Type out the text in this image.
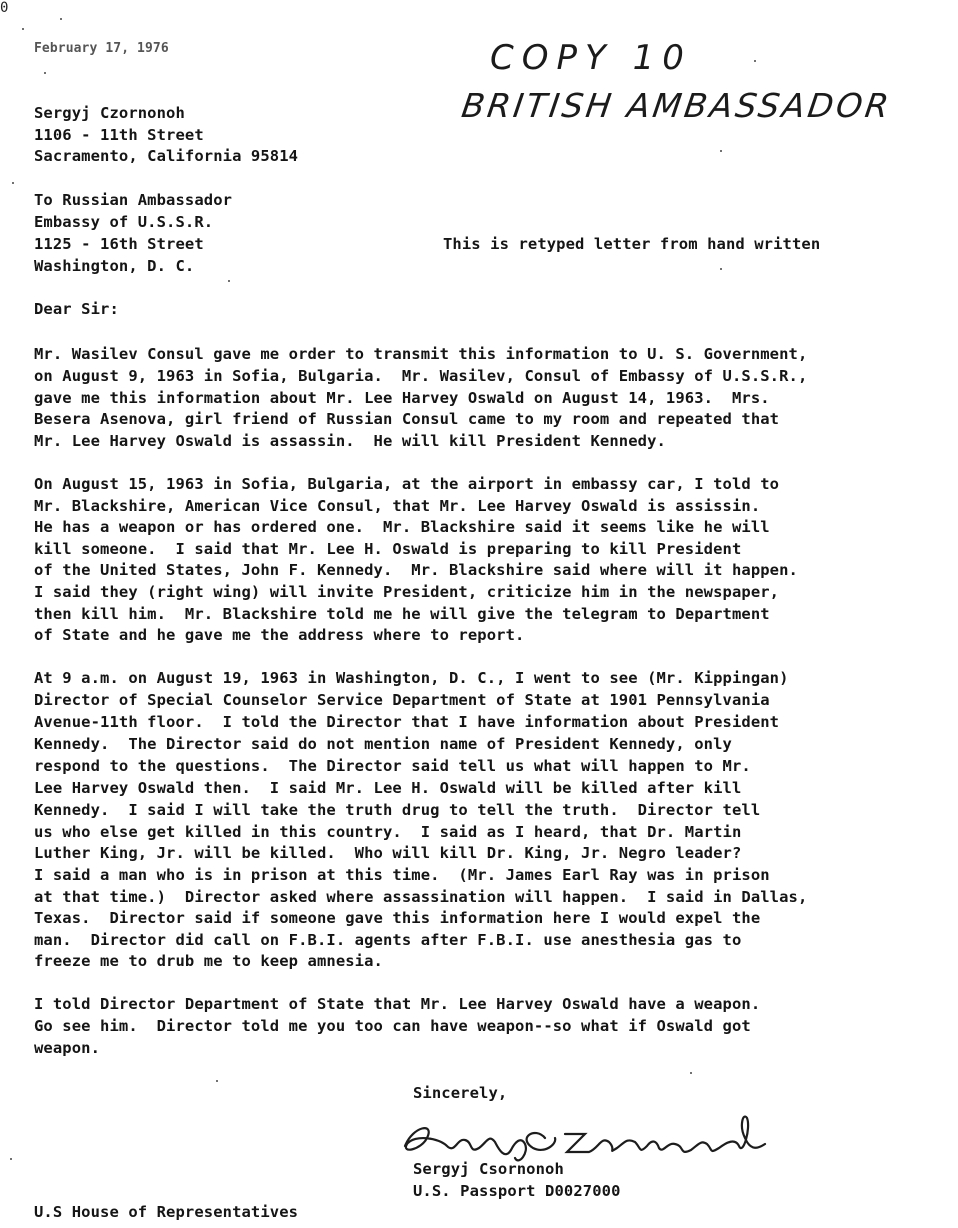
0
February 17, 1976	COPY 10
BRITISH AMBASSADOR
Sergyj Czornonoh
1106 - 11th Street
Sacramento, California 95814
To Russian Ambassador
Embassy of U.S.S.R.
1125 - 16th Street
Washington, D. C.
This is retyped letter from hand written
Dear Sir:
Mr. Wasilev Consul gave me order to transmit this information to U. S. Government,
on August 9, 1963 in Sofia, Bulgaria.  Mr. Wasilev, Consul of Embassy of U.S.S.R.,
gave me this information about Mr. Lee Harvey Oswald on August 14, 1963.  Mrs.
Besera Asenova, girl friend of Russian Consul came to my room and repeated that
Mr. Lee Harvey Oswald is assassin.  He will kill President Kennedy.
On August 15, 1963 in Sofia, Bulgaria, at the airport in embassy car, I told to
Mr. Blackshire, American Vice Consul, that Mr. Lee Harvey Oswald is assissin.
He has a weapon or has ordered one.  Mr. Blackshire said it seems like he will
kill someone.  I said that Mr. Lee H. Oswald is preparing to kill President
of the United States, John F. Kennedy.  Mr. Blackshire said where will it happen.
I said they (right wing) will invite President, criticize him in the newspaper,
then kill him.  Mr. Blackshire told me he will give the telegram to Department
of State and he gave me the address where to report.
At 9 a.m. on August 19, 1963 in Washington, D. C., I went to see (Mr. Kippingan)
Director of Special Counselor Service Department of State at 1901 Pennsylvania
Avenue-11th floor.  I told the Director that I have information about President
Kennedy.  The Director said do not mention name of President Kennedy, only
respond to the questions.  The Director said tell us what will happen to Mr.
Lee Harvey Oswald then.  I said Mr. Lee H. Oswald will be killed after kill
Kennedy.  I said I will take the truth drug to tell the truth.  Director tell
us who else get killed in this country.  I said as I heard, that Dr. Martin
Luther King, Jr. will be killed.  Who will kill Dr. King, Jr. Negro leader?
I said a man who is in prison at this time.  (Mr. James Earl Ray was in prison
at that time.)  Director asked where assassination will happen.  I said in Dallas,
Texas.  Director said if someone gave this information here I would expel the
man.  Director did call on F.B.I. agents after F.B.I. use anesthesia gas to
freeze me to drub me to keep amnesia.
I told Director Department of State that Mr. Lee Harvey Oswald have a weapon.
Go see him.  Director told me you too can have weapon--so what if Oswald got
weapon.
Sincerely,
Sergyj Csornonoh
U.S. Passport D0027000
U.S House of Representatives
